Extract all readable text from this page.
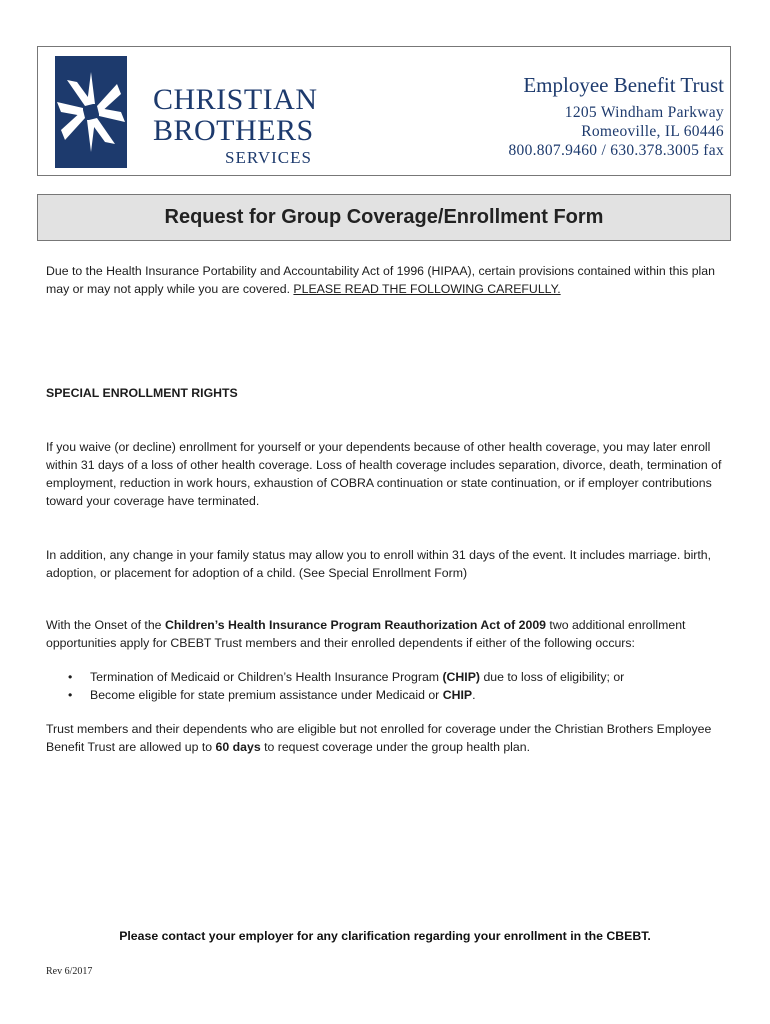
CHRISTIAN
BROTHERS
SERVICES
Employee Benefit Trust
1205 Windham Parkway
Romeoville, IL 60446
800.807.9460 / 630.378.3005 fax
Request for Group Coverage/Enrollment Form

Due to the Health Insurance Portability and Accountability Act of 1996 (HIPAA), certain provisions contained within this plan may or may not apply while you are covered. PLEASE READ THE FOLLOWING CAREFULLY.

SPECIAL ENROLLMENT RIGHTS

If you waive (or decline) enrollment for yourself or your dependents because of other health coverage, you may later enroll within 31 days of a loss of other health coverage. Loss of health coverage includes separation, divorce, death, termination of employment, reduction in work hours, exhaustion of COBRA continuation or state continuation, or if employer contributions toward your coverage have terminated.

In addition, any change in your family status may allow you to enroll within 31 days of the event. It includes marriage. birth, adoption, or placement for adoption of a child. (See Special Enrollment Form)

With the Onset of the Children’s Health Insurance Program Reauthorization Act of 2009 two additional enrollment opportunities apply for CBEBT Trust members and their enrolled dependents if either of the following occurs:

• Termination of Medicaid or Children’s Health Insurance Program (CHIP) due to loss of eligibility; or
• Become eligible for state premium assistance under Medicaid or CHIP.

Trust members and their dependents who are eligible but not enrolled for coverage under the Christian Brothers Employee Benefit Trust are allowed up to 60 days to request coverage under the group health plan.

Please contact your employer for any clarification regarding your enrollment in the CBEBT.
Rev 6/2017
